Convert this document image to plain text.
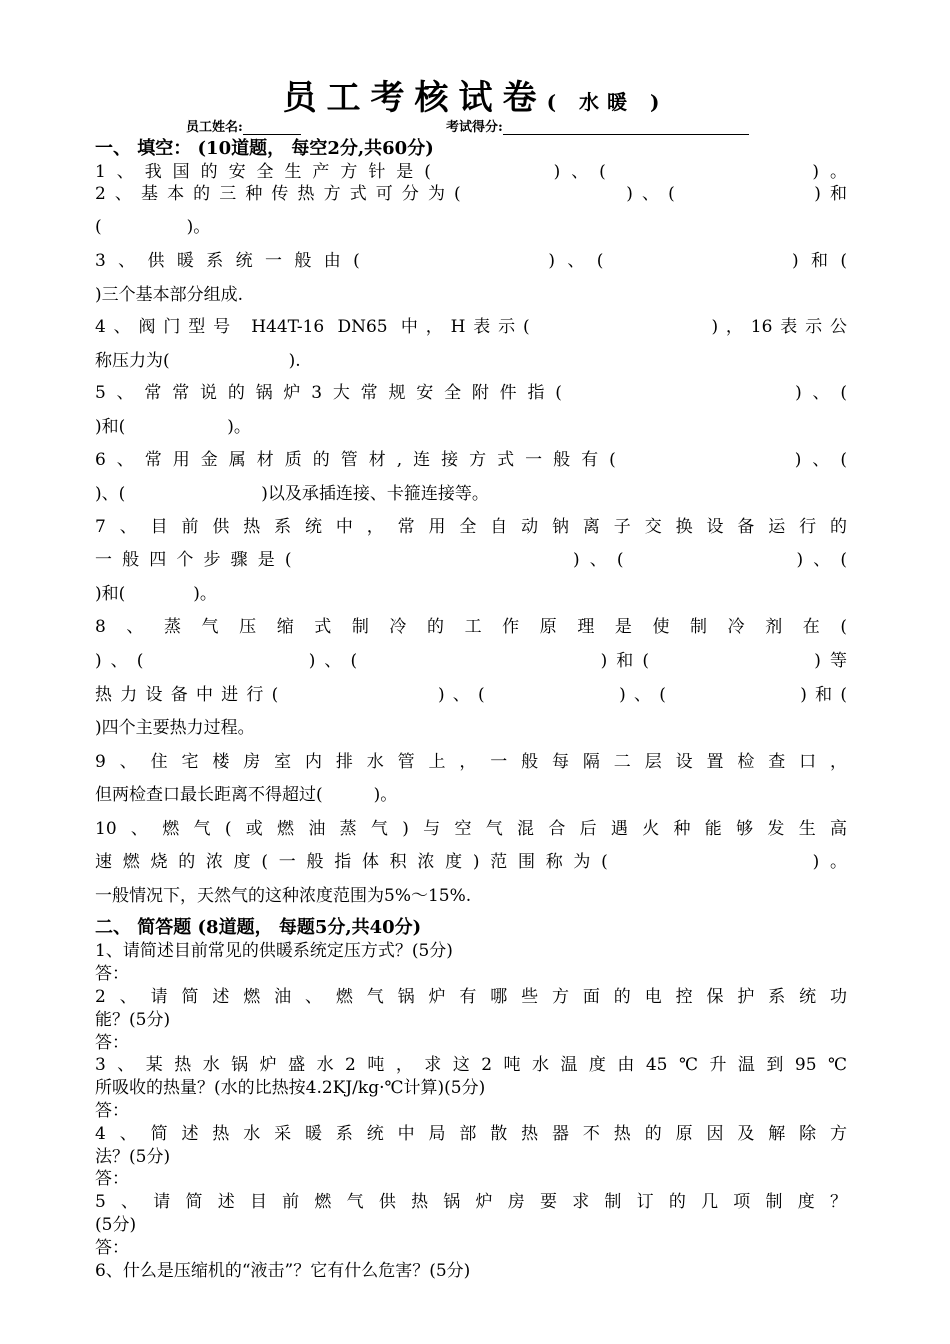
员工考核试卷( 水暖 )
员工姓名:	考试得分:
一、 填空： (10道题， 每空2分,共60分)
1、我国的安全生产方针是(　　　　)、(　　　　　　　)。
2、基本的三种传热方式可分为(　　　　　　)、(　　　　　)和
(　　　　　)。
3、供暖系统一般由(　　　　　　)、(　　　　　　)和(
)三个基本部分组成.
4、阀门型号 H44T-16 DN65 中，H表示(　　　　　　　)，16表示公
称压力为(　　　　　　　).
5、常常说的锅炉3大常规安全附件指(　　　　　　　　)、(
)和(　　　　　　)。
6、常用金属材质的管材,连接方式一般有(　　　　　　)、(
)、(　　　　　　　　)以及承插连接、卡箍连接等。
7、目前供热系统中，常用全自动钠离子交换设备运行的
一般四个步骤是(　　　　　　　　　　)、(　　　　　　)、(
)和(　　　　)。
8、蒸气压缩式制冷的工作原理是使制冷剂在(
)、(　　　　　　)、(　　　　　　　　　)和(　　　　　　)等
热力设备中进行(　　　　　　)、(　　　　　)、(　　　　　)和(
)四个主要热力过程。
9、住宅楼房室内排水管上，一般每隔二层设置检查口，
但两检查口最长距离不得超过(　　　)。
10、燃气(或燃油蒸气)与空气混合后遇火种能够发生高
速燃烧的浓度(一般指体积浓度)范围称为(　　　　　　　)。
一般情况下，天然气的这种浓度范围为5%～15%.
二、 简答题 (8道题， 每题5分,共40分)
1、请简述目前常见的供暖系统定压方式？(5分)
答：
2、请简述燃油、燃气锅炉有哪些方面的电控保护系统功
能？(5分)
答：
3、某热水锅炉盛水2吨，求这2吨水温度由45℃升温到95℃
所吸收的热量？(水的比热按4.2KJ/kg·℃计算)(5分)
答：
4、简述热水采暖系统中局部散热器不热的原因及解除方
法？(5分)
答：
5、请简述目前燃气供热锅炉房要求制订的几项制度？
(5分)
答：
6、什么是压缩机的“液击”？它有什么危害？(5分)
